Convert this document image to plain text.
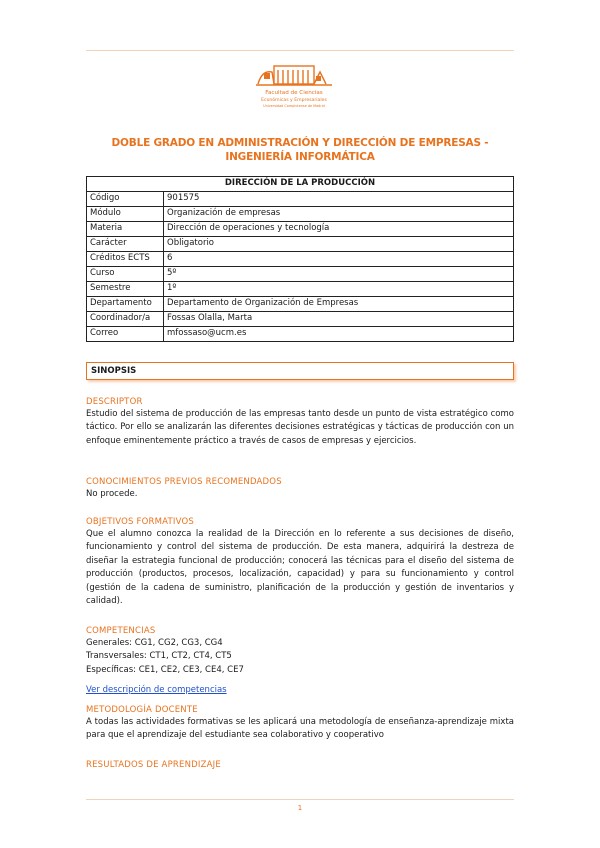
Facultad de Ciencias
Económicas y Empresariales
Universidad Complutense de Madrid
DOBLE GRADO EN ADMINISTRACIÓN Y DIRECCIÓN DE EMPRESAS - INGENIERÍA INFORMÁTICA
DIRECCIÓN DE LA PRODUCCIÓN	
Código	901575
Módulo	Organización de empresas
Materia	Dirección de operaciones y tecnología
Carácter	Obligatorio
Créditos ECTS	6
Curso	5º
Semestre	1º
Departamento	Departamento de Organización de Empresas
Coordinador/a	Fossas Olalla, Marta
Correo	mfossaso@ucm.es
SINOPSIS
DESCRIPTOR

Estudio del sistema de producción de las empresas tanto desde un punto de vista estratégico como táctico. Por ello se analizarán las diferentes decisiones estratégicas y tácticas de producción con un enfoque eminentemente práctico a través de casos de empresas y ejercicios.

CONOCIMIENTOS PREVIOS RECOMENDADOS

No procede.

OBJETIVOS FORMATIVOS

Que el alumno conozca la realidad de la Dirección en lo referente a sus decisiones de diseño, funcionamiento y control del sistema de producción. De esta manera, adquirirá la destreza de diseñar la estrategia funcional de producción; conocerá las técnicas para el diseño del sistema de producción (productos, procesos, localización, capacidad) y para su funcionamiento y control (gestión de la cadena de suministro, planificación de la producción y gestión de inventarios y calidad).

COMPETENCIAS
Generales: CG1, CG2, CG3, CG4
Transversales: CT1, CT2, CT4, CT5
Específicas: CE1, CE2, CE3, CE4, CE7
Ver descripción de competencias
METODOLOGÍA DOCENTE

A todas las actividades formativas se les aplicará una metodología de enseñanza-aprendizaje mixta para que el aprendizaje del estudiante sea colaborativo y cooperativo

RESULTADOS DE APRENDIZAJE
1
